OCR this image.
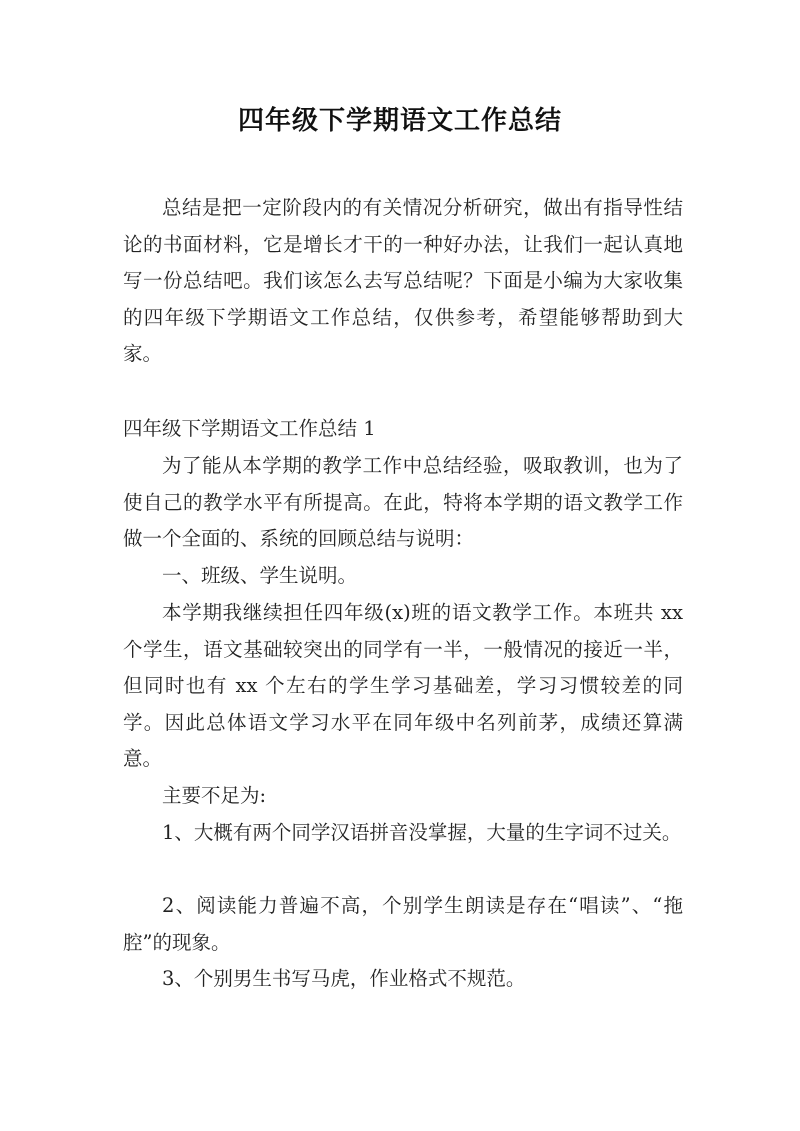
四年级下学期语文工作总结

总结是把一定阶段内的有关情况分析研究，做出有指导性结论的书面材料，它是增长才干的一种好办法，让我们一起认真地写一份总结吧。我们该怎么去写总结呢？下面是小编为大家收集的四年级下学期语文工作总结，仅供参考，希望能够帮助到大家。

四年级下学期语文工作总结 1

为了能从本学期的教学工作中总结经验，吸取教训，也为了使自己的教学水平有所提高。在此，特将本学期的语文教学工作做一个全面的、系统的回顾总结与说明：

一、班级、学生说明。

本学期我继续担任四年级(x)班的语文教学工作。本班共 xx 个学生，语文基础较突出的同学有一半，一般情况的接近一半，但同时也有 xx 个左右的学生学习基础差，学习习惯较差的同学。因此总体语文学习水平在同年级中名列前茅，成绩还算满意。

主要不足为:

1、大概有两个同学汉语拼音没掌握，大量的生字词不过关。

2、阅读能力普遍不高，个别学生朗读是存在“唱读”、“拖腔”的现象。

3、个别男生书写马虎，作业格式不规范。
